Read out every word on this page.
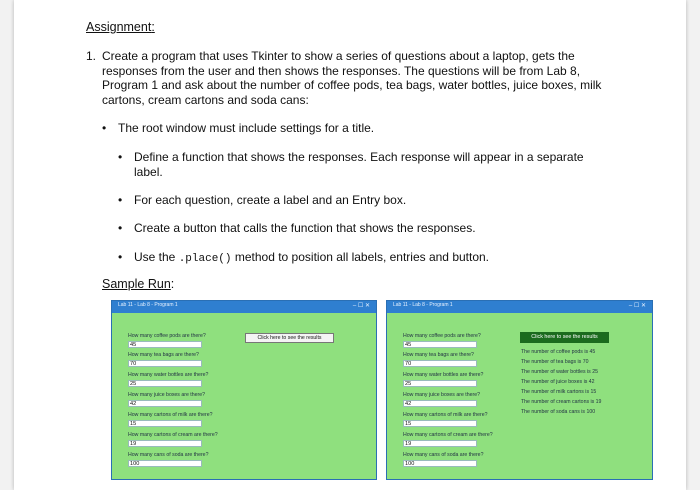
Assignment:
1. Create a program that uses Tkinter to show a series of questions about a laptop, gets the responses from the user and then shows the responses. The questions will be from Lab 8, Program 1 and ask about the number of coffee pods, tea bags, water bottles, juice boxes, milk cartons, cream cartons and soda cans:
• The root window must include settings for a title.
• Define a function that shows the responses. Each response will appear in a separate label.
• For each question, create a label and an Entry box.
• Create a button that calls the function that shows the responses.
• Use the .place() method to position all labels, entries and button.
Sample Run:
Lab 11 - Lab 8 - Program 1	– ☐ ✕
How many coffee pods are there?
45
How many tea bags are there?
70
How many water bottles are there?
25
How many juice boxes are there?
42
How many cartons of milk are there?
15
How many cartons of cream are there?
19
How many cans of soda are there?
100
Click here to see the results
Lab 11 - Lab 8 - Program 1	– ☐ ✕
How many coffee pods are there?
45
How many tea bags are there?
70
How many water bottles are there?
25
How many juice boxes are there?
42
How many cartons of milk are there?
15
How many cartons of cream are there?
19
How many cans of soda are there?
100
Click here to see the results
The number of coffee pods is 45
The number of tea bags is 70
The number of water bottles is 25
The number of juice boxes is 42
The number of milk cartons is 15
The number of cream cartons is 19
The number of soda cans is 100
